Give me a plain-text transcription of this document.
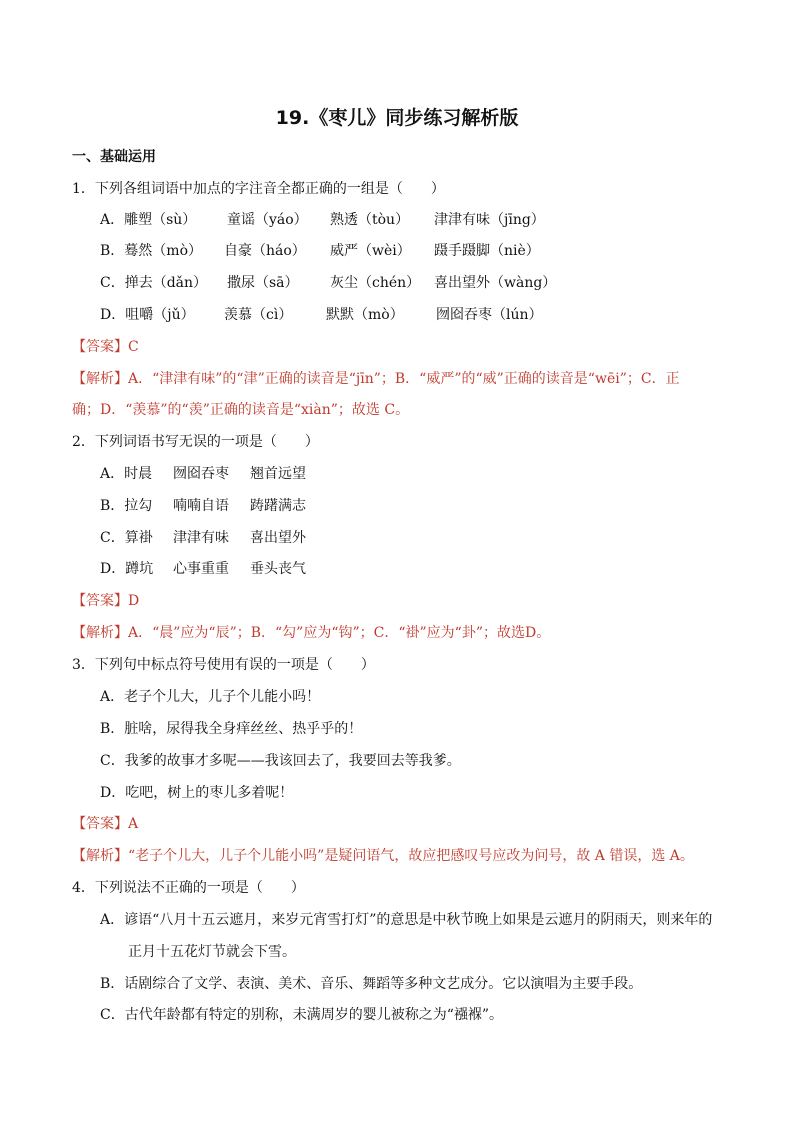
19.《枣儿》同步练习解析版
一、基础运用
1．下列各组词语中加点的字注音全都正确的一组是（　　）
A．雕塑（sù） 童谣（yáo） 熟透（tòu） 津津有味（jīng）
B．蓦然（mò） 自豪（háo） 威严（wèi） 蹑手蹑脚（niè）
C．掸去（dǎn） 撒尿（sā） 灰尘（chén） 喜出望外（wàng）
D．咀嚼（jǔ） 羡慕（cì） 默默（mò） 囫囵吞枣（lún）
【答案】C
【解析】A．“津津有味”的“津”正确的读音是“jīn”；B．“威严”的“威”正确的读音是“wēi”；C．正
确；D．“羡慕”的“羡”正确的读音是“xiàn”；故选 C。
2．下列词语书写无误的一项是（　　）
A．时晨 囫囵吞枣 翘首远望
B．拉勾 喃喃自语 踌躇满志
C．算褂 津津有味 喜出望外
D．蹲坑 心事重重 垂头丧气
【答案】D
【解析】A．“晨”应为“辰”；B．“勾”应为“钩”；C．“褂”应为“卦”；故选D。
3．下列句中标点符号使用有误的一项是（　　）
A．老子个儿大，儿子个儿能小吗！
B．脏啥，尿得我全身痒丝丝、热乎乎的！
C．我爹的故事才多呢——我该回去了，我要回去等我爹。
D．吃吧，树上的枣儿多着呢！
【答案】A
【解析】“老子个儿大，儿子个儿能小吗”是疑问语气，故应把感叹号应改为问号，故 A 错误，选 A。
4．下列说法不正确的一项是（　　）
A．谚语“八月十五云遮月，来岁元宵雪打灯”的意思是中秋节晚上如果是云遮月的阴雨天，则来年的
正月十五花灯节就会下雪。
B．话剧综合了文学、表演、美术、音乐、舞蹈等多种文艺成分。它以演唱为主要手段。
C．古代年龄都有特定的别称，未满周岁的婴儿被称之为“襁褓”。
